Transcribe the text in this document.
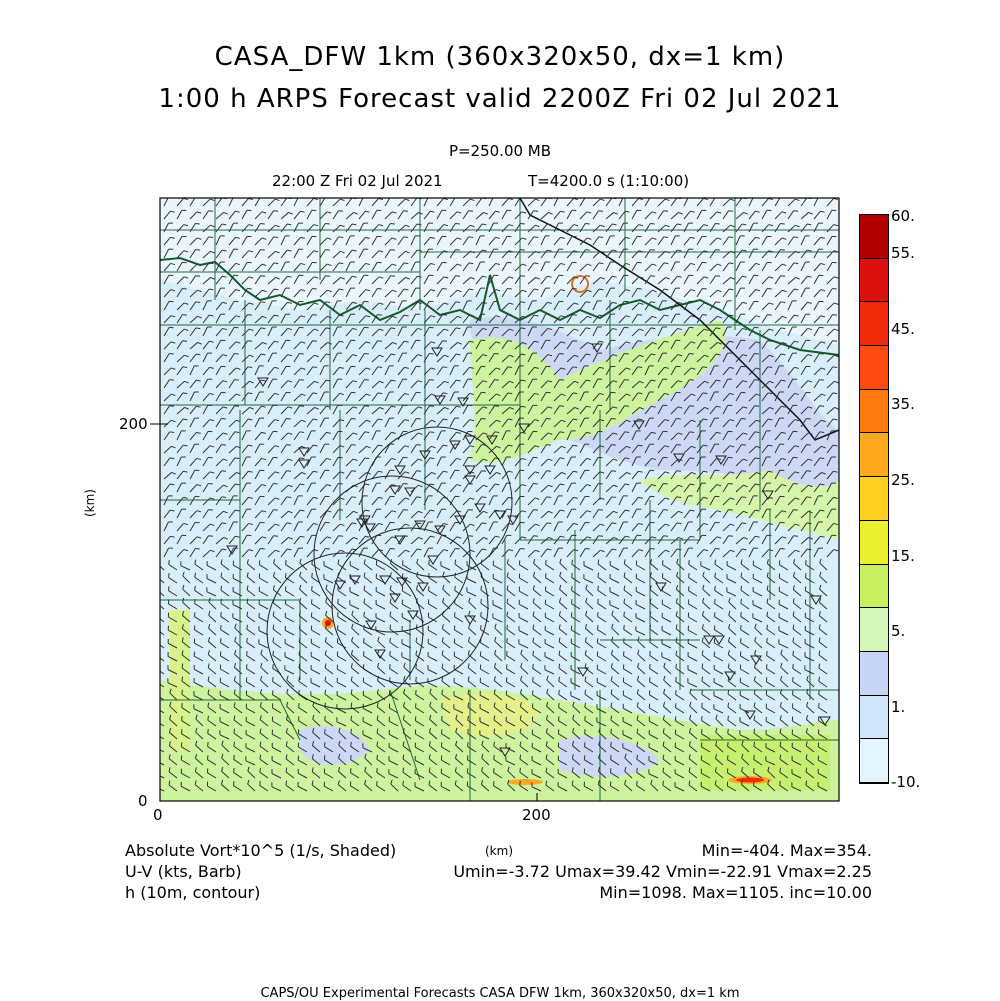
CASA_DFW 1km (360x320x50, dx=1 km)
1:00 h ARPS Forecast valid 2200Z Fri 02 Jul 2021
P=250.00 MB
22:00 Z Fri 02 Jul 2021	T=4200.0 s (1:10:00)
0	200
0
200
(km)
(km)
60.
55.
45.
35.
25.
15.
5.
1.
-10.
Absolute Vort*10^5 (1/s, Shaded)
U-V (kts, Barb)
h (10m, contour)
Min=-404. Max=354.
Umin=-3.72 Umax=39.42 Vmin=-22.91 Vmax=2.25
Min=1098. Max=1105. inc=10.00
CAPS/OU Experimental Forecasts CASA DFW 1km, 360x320x50, dx=1 km
